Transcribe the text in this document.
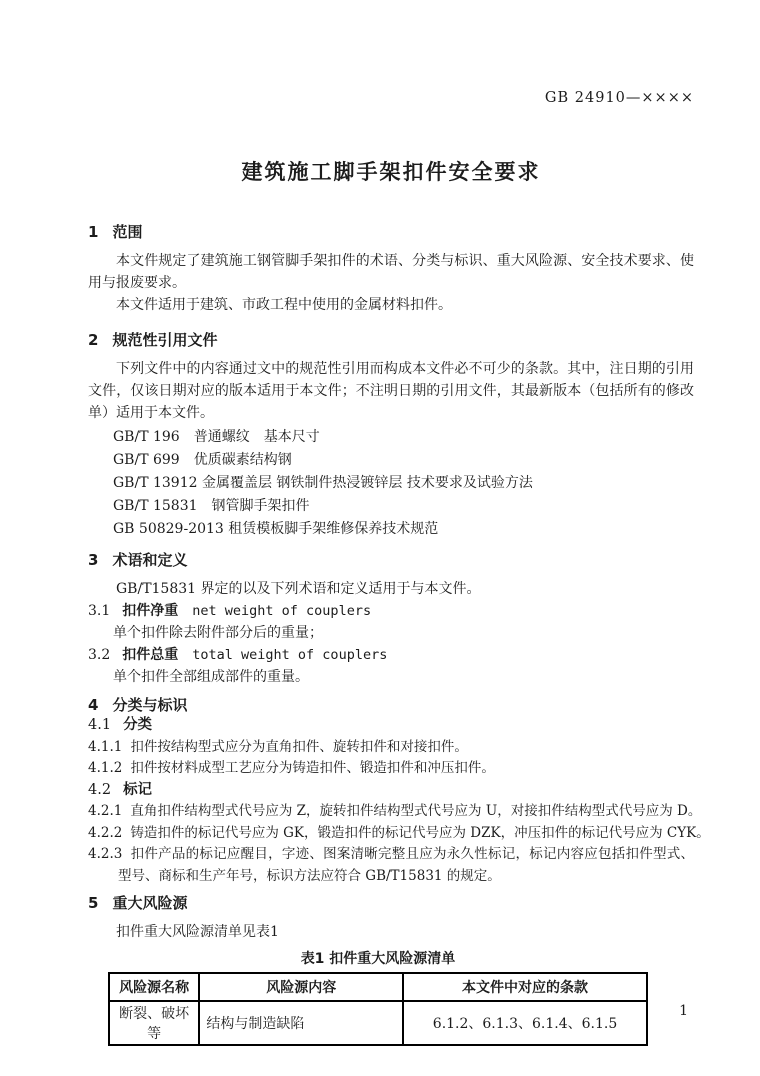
GB 24910—××××
建筑施工脚手架扣件安全要求
1 范围

本文件规定了建筑施工钢管脚手架扣件的术语、分类与标识、重大风险源、安全技术要求、使用与报废要求。

本文件适用于建筑、市政工程中使用的金属材料扣件。

2 规范性引用文件

下列文件中的内容通过文中的规范性引用而构成本文件必不可少的条款。其中，注日期的引用文件，仅该日期对应的版本适用于本文件；不注明日期的引用文件，其最新版本（包括所有的修改单）适用于本文件。

GB/T 196　普通螺纹　基本尺寸
GB/T 699　优质碳素结构钢
GB/T 13912 金属覆盖层 钢铁制件热浸镀锌层 技术要求及试验方法
GB/T 15831　钢管脚手架扣件
GB 50829-2013 租赁模板脚手架维修保养技术规范
3 术语和定义

GB/T15831 界定的以及下列术语和定义适用于与本文件。

3.1 扣件净重 net weight of couplers

单个扣件除去附件部分后的重量；

3.2 扣件总重 total weight of couplers

单个扣件全部组成部件的重量。

4 分类与标识

4.1 分类

4.1.1 扣件按结构型式应分为直角扣件、旋转扣件和对接扣件。

4.1.2 扣件按材料成型工艺应分为铸造扣件、锻造扣件和冲压扣件。

4.2 标记

4.2.1 直角扣件结构型式代号应为 Z，旋转扣件结构型式代号应为 U，对接扣件结构型式代号应为 D。

4.2.2 铸造扣件的标记代号应为 GK，锻造扣件的标记代号应为 DZK，冲压扣件的标记代号应为 CYK。

4.2.3 扣件产品的标记应醒目，字迹、图案清晰完整且应为永久性标记，标记内容应包括扣件型式、型号、商标和生产年号，标识方法应符合 GB/T15831 的规定。

5 重大风险源

扣件重大风险源清单见表1

表1 扣件重大风险源清单
风险源名称	风险源内容	本文件中对应的条款
断裂、破坏等	结构与制造缺陷	6.1.2、6.1.3、6.1.4、6.1.5
1
